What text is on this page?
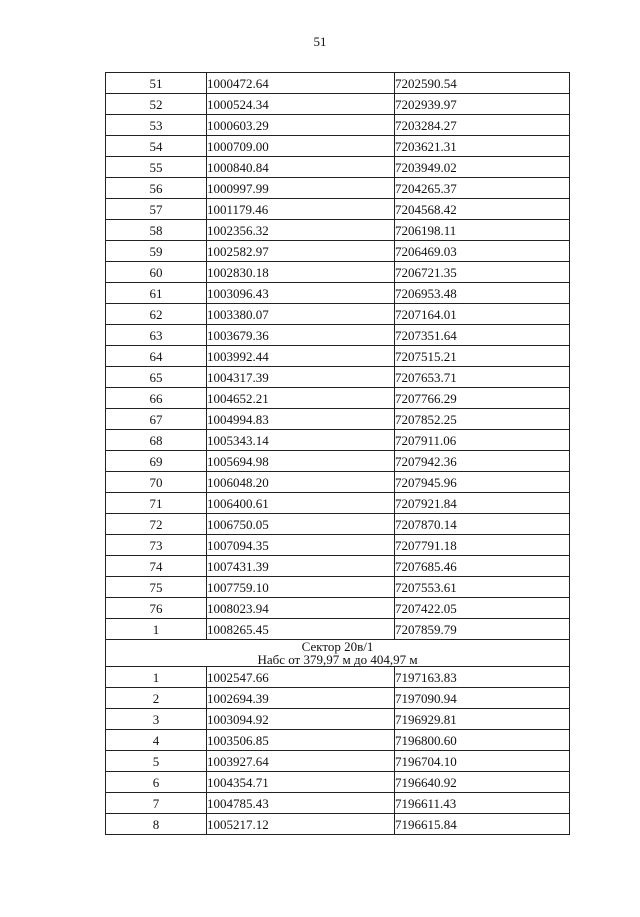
51
51	1000472.64	7202590.54
52	1000524.34	7202939.97
53	1000603.29	7203284.27
54	1000709.00	7203621.31
55	1000840.84	7203949.02
56	1000997.99	7204265.37
57	1001179.46	7204568.42
58	1002356.32	7206198.11
59	1002582.97	7206469.03
60	1002830.18	7206721.35
61	1003096.43	7206953.48
62	1003380.07	7207164.01
63	1003679.36	7207351.64
64	1003992.44	7207515.21
65	1004317.39	7207653.71
66	1004652.21	7207766.29
67	1004994.83	7207852.25
68	1005343.14	7207911.06
69	1005694.98	7207942.36
70	1006048.20	7207945.96
71	1006400.61	7207921.84
72	1006750.05	7207870.14
73	1007094.35	7207791.18
74	1007431.39	7207685.46
75	1007759.10	7207553.61
76	1008023.94	7207422.05
1	1008265.45	7207859.79

Сектор 20в/1
Набс от 379,97 м до 404,97 м		

1	1002547.66	7197163.83
2	1002694.39	7197090.94
3	1003094.92	7196929.81
4	1003506.85	7196800.60
5	1003927.64	7196704.10
6	1004354.71	7196640.92
7	1004785.43	7196611.43
8	1005217.12	7196615.84
